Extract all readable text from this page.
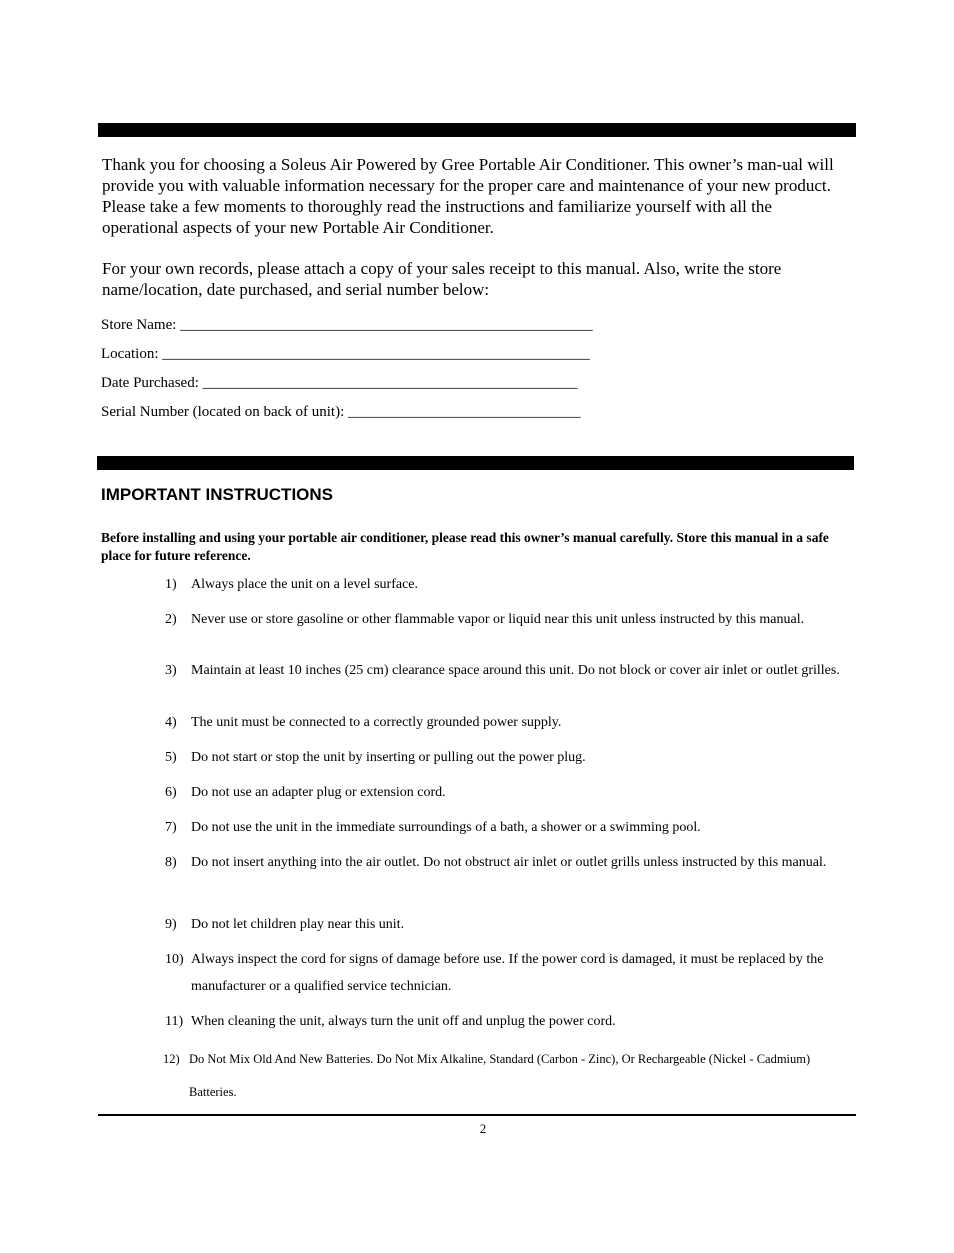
Thank you for choosing a Soleus Air Powered by Gree Portable Air Conditioner. This owner’s man-ual will provide you with valuable information necessary for the proper care and maintenance of your new product. Please take a few moments to thoroughly read the instructions and familiarize yourself with all the operational aspects of your new Portable Air Conditioner.

For your own records, please attach a copy of your sales receipt to this manual. Also, write the store name/location, date purchased, and serial number below:

Store Name: _______________________________________________________
Location: _________________________________________________________
Date Purchased: __________________________________________________
Serial Number (located on back of unit): _______________________________
IMPORTANT INSTRUCTIONS

Before installing and using your portable air conditioner, please read this owner’s manual carefully. Store this manual in a safe place for future reference.

1)	Always place the unit on a level surface.
2)	Never use or store gasoline or other flammable vapor or liquid near this unit unless instructed by this manual.
3)	Maintain at least 10 inches (25 cm) clearance space around this unit. Do not block or cover air inlet or outlet grilles.
4)	The unit must be connected to a correctly grounded power supply.
5)	Do not start or stop the unit by inserting or pulling out the power plug.
6)	Do not use an adapter plug or extension cord.
7)	Do not use the unit in the immediate surroundings of a bath, a shower or a swimming pool.
8)	Do not insert anything into the air outlet. Do not obstruct air inlet or outlet grills unless instructed by this manual.
9)	Do not let children play near this unit.
10) Always inspect the cord for signs of damage before use. If the power cord is damaged, it must be replaced by the manufacturer or a qualified service technician.
11) When cleaning the unit, always turn the unit off and unplug the power cord.
12) Do Not Mix Old And New Batteries. Do Not Mix Alkaline, Standard (Carbon - Zinc), Or Rechargeable (Nickel - Cadmium) Batteries.
2
